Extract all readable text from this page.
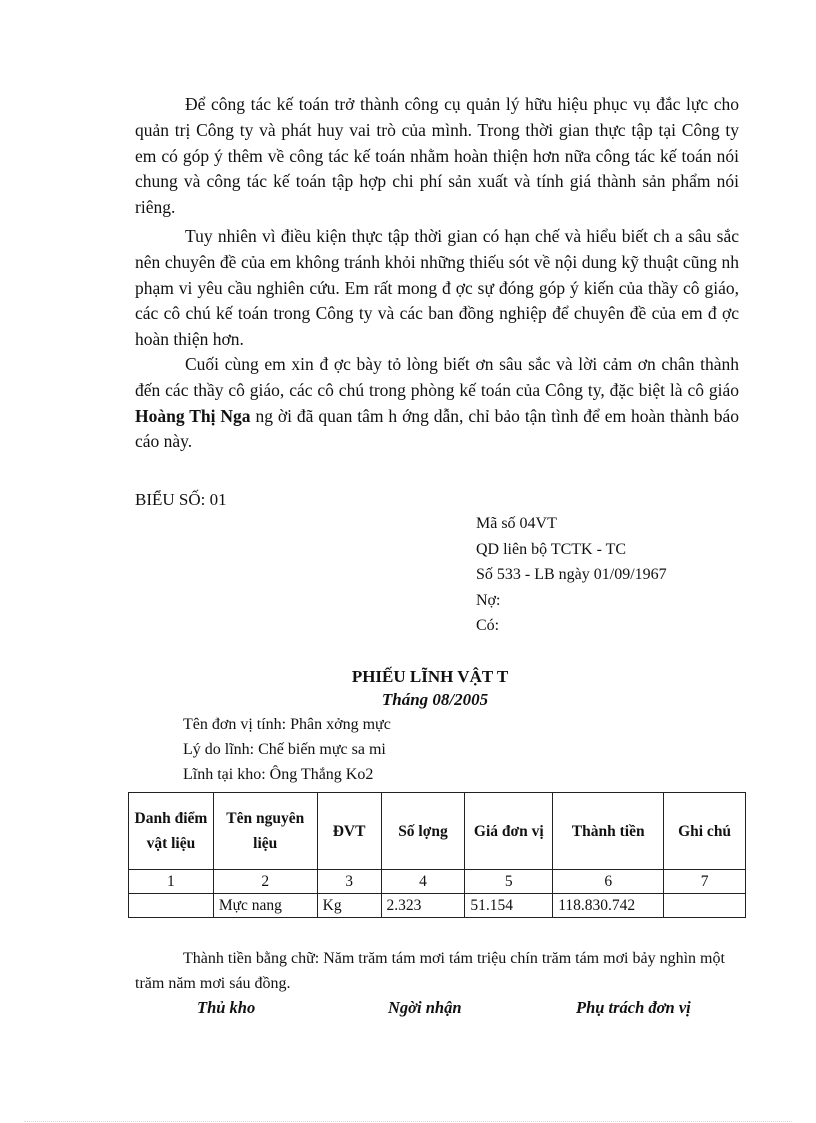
Để công tác kế toán trở thành công cụ quản lý hữu hiệu phục vụ đắc lực cho quản trị Công ty và phát huy vai trò của mình. Trong thời gian thực tập tại Công ty em có góp ý thêm về công tác kế toán nhằm hoàn thiện hơn nữa công tác kế toán nói chung và công tác kế toán tập hợp chi phí sản xuất và tính giá thành sản phẩm nói riêng.

Tuy nhiên vì điều kiện thực tập thời gian có hạn chế và hiểu biết ch a sâu sắc nên chuyên đề của em không tránh khỏi những thiếu sót về nội dung kỹ thuật cũng nh phạm vi yêu cầu nghiên cứu. Em rất mong đ ợc sự đóng góp ý kiến của thầy cô giáo, các cô chú kế toán trong Công ty và các ban đồng nghiệp để chuyên đề của em đ ợc hoàn thiện hơn.

Cuối cùng em xin đ ợc bày tỏ lòng biết ơn sâu sắc và lời cảm ơn chân thành đến các thầy cô giáo, các cô chú trong phòng kế toán của Công ty, đặc biệt là cô giáo Hoàng Thị Nga ng ời đã quan tâm h ớng dẫn, chỉ bảo tận tình để em hoàn thành báo cáo này.

BIỂU SỐ: 01
Mã số 04VT
QD liên bộ TCTK - TC
Số 533 - LB ngày 01/09/1967
Nợ:
Có:
PHIẾU LĨNH VẬT T
Tháng 08/2005
Tên đơn vị tính: Phân xởng mực
Lý do lĩnh: Chế biến mực sa mi
Lĩnh tại kho: Ông Thắng Ko2
Danh điểm vật liệu	Tên nguyên liệu	ĐVT	Số lợng	Giá đơn vị	Thành tiền	Ghi chú
1	2	3	4	5	6	7
	Mực nang	Kg	2.323	51.154	118.830.742	

Thành tiền bằng chữ: Năm trăm tám mơi tám triệu chín trăm tám mơi bảy nghìn một trăm năm mơi sáu đồng.

Thủ kho	Ngời nhận	Phụ trách đơn vị
